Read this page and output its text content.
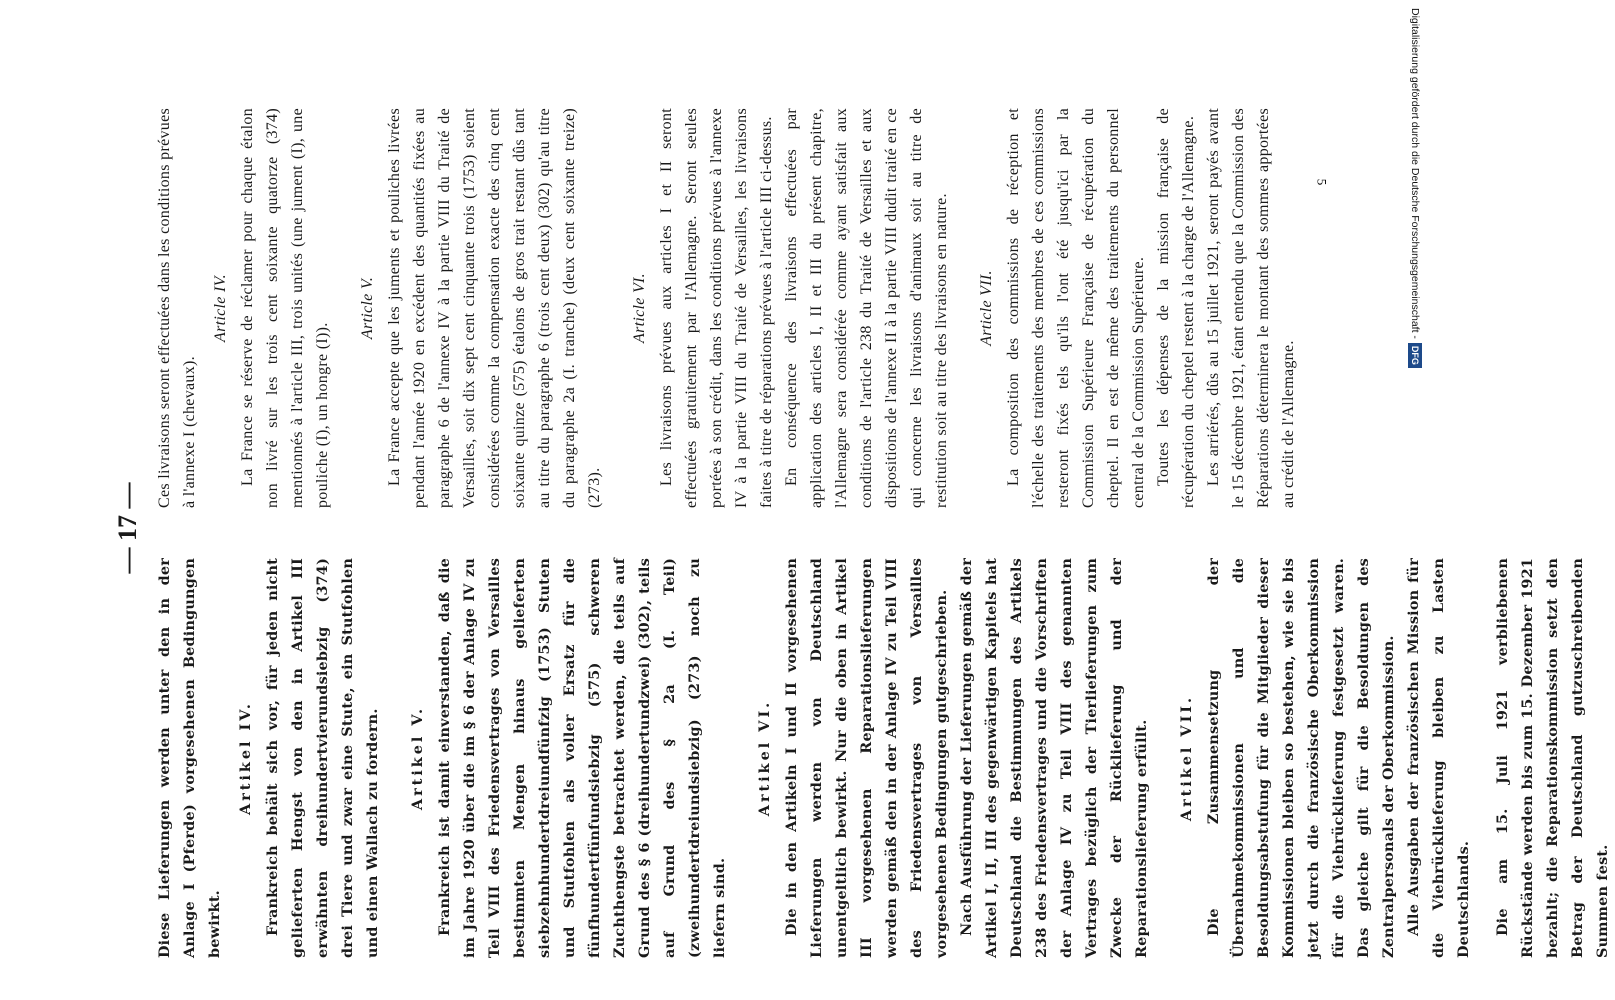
— 17 —

Diese Lieferungen werden unter den in der Anlage I (Pferde) vorgesehenen Bedingungen bewirkt.

Artikel IV. Frankreich behält sich vor, für jeden nicht gelieferten Hengst von den in Artikel III erwähnten dreihundertvierundsiebzig (374) drei Tiere und zwar eine Stute, ein Stutfohlen und einen Wallach zu fordern. Artikel V. Frankreich ist damit einverstanden, daß die im Jahre 1920 über die im § 6 der Anlage IV zu Teil VIII des Friedensvertrages von Versailles bestimmten Mengen hinaus gelieferten siebzehnhundertdreiundfünfzig (1753) Stuten und Stutfohlen als voller Ersatz für die fünfhundertfünfundsiebzig (575) schweren Zuchthengste betrachtet werden, die teils auf Grund des § 6 (dreihundertundzwei) (302), teils auf Grund des § 2a (I. Teil) (zweihundertdreiundsiebzig) (273) noch zu liefern sind.

Artikel VI. Die in den Artikeln I und II vorgesehenen Lieferungen werden von Deutschland unentgeltlich bewirkt. Nur die oben in Artikel III vorgesehenen Reparationslieferungen werden gemäß den in der Anlage IV zu Teil VIII des Friedensvertrages von Versailles vorgesehenen Bedingungen gutgeschrieben. Nach Ausführung der Lieferungen gemäß der Artikel I, II, III des gegenwärtigen Kapitels hat Deutschland die Bestimmungen des Artikels 238 des Friedensvertrages und die Vorschriften der Anlage IV zu Teil VIII des genannten Vertrages bezüglich der Tierlieferungen zum Zwecke der Rücklieferung und der Reparationslieferung erfüllt. Artikel VII. Die Zusammensetzung der Übernahmekommissionen und die Besoldungsabstufung für die Mitglieder dieser Kommissionen bleiben so bestehen, wie sie bis jetzt durch die französische Oberkommission für die Viehrücklieferung festgesetzt waren. Das gleiche gilt für die Besoldungen des Zentralpersonals der Oberkommission. Alle Ausgaben der französischen Mission für die Viehrücklieferung bleiben zu Lasten Deutschlands. Die am 15. Juli 1921 verbliebenen Rückstände werden bis zum 15. Dezember 1921 bezahlt; die Reparationskommission setzt den Betrag der Deutschland gutzuschreibenden Summen fest.

Ces livraisons seront effectuées dans les conditions prévues à l'annexe I (chevaux).

Article IV. La France se réserve de réclamer pour chaque étalon non livré sur les trois cent soixante quatorze (374) mentionnés à l'article III, trois unités (une jument (I), une pouliche (I), un hongre (I)).

Article V. La France accepte que les juments et pouliches livrées pendant l'année 1920 en excédent des quantités fixées au paragraphe 6 de l'annexe IV à la partie VIII du Traité de Versailles, soit dix sept cent cinquante trois (1753) soient considérées comme la compensation exacte des cinq cent soixante quinze (575) étalons de gros trait restant dûs tant au titre du paragraphe 6 (trois cent deux) (302) qu'au titre du paragraphe 2a (I. tranche) (deux cent soixante treize) (273).

Article VI. Les livraisons prévues aux articles I et II seront effectuées gratuitement par l'Allemagne. Seront seules portées à son crédit, dans les conditions prévues à l'annexe IV à la partie VIII du Traité de Versailles, les livraisons faites à titre de réparations prévues à l'article III ci-dessus. En conséquence des livraisons effectuées par application des articles I, II et III du présent chapitre, l'Allemagne sera considérée comme ayant satisfait aux conditions de l'article 238 du Traité de Versailles et aux dispositions de l'annexe II à la partie VIII dudit traité en ce qui concerne les livraisons d'animaux soit au titre de restitution soit au titre des livraisons en nature. Article VII. La composition des commissions de réception et l'échelle des traitements des membres de ces commissions resteront fixés tels qu'ils l'ont été jusqu'ici par la Commission Supérieure Française de récupération du cheptel. Il en est de même des traitements du personnel central de la Commission Supérieure. Toutes les dépenses de la mission française de récupération du cheptel restent à la charge de l'Allemagne. Les arriérés, dûs au 15 juillet 1921, seront payés avant le 15 décembre 1921, étant entendu que la Commission des Réparations déterminera le montant des sommes apportées au crédit de l'Allemagne.

5	Digitalisierung gefördert durch die Deutsche Forschungsgemeinschaft -DFG
